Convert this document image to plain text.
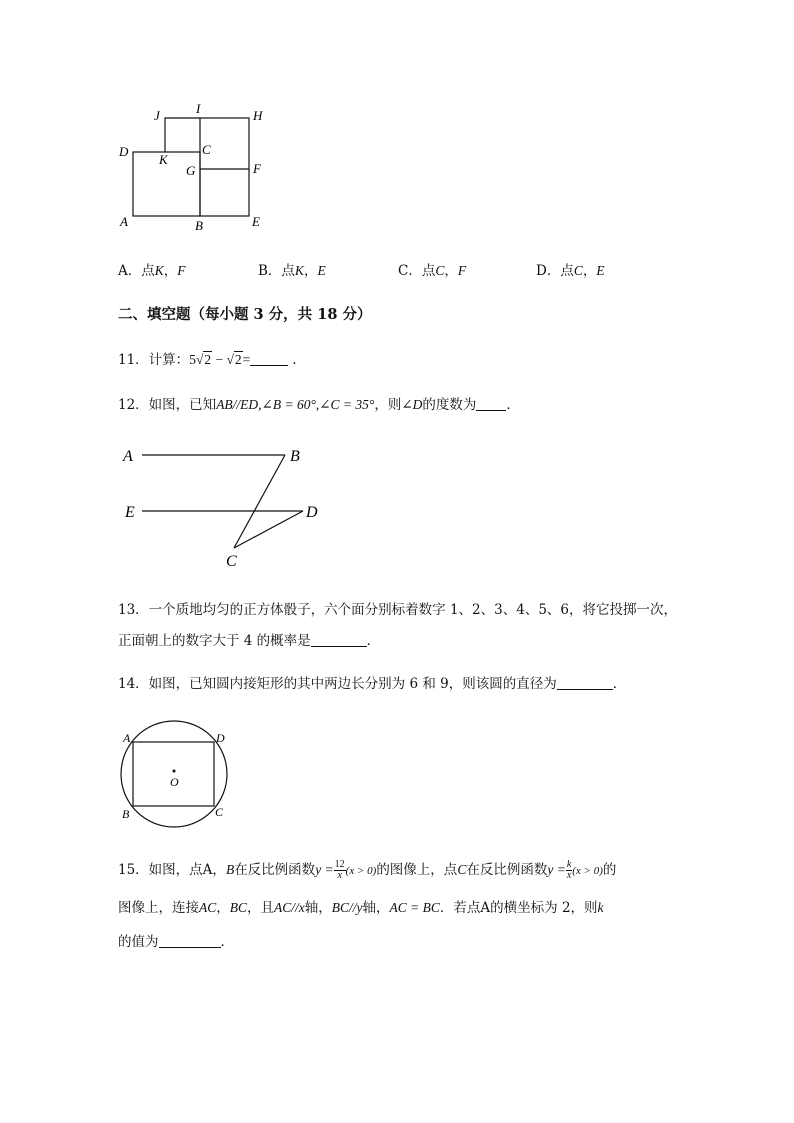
J	I	H
D
K
C
G	F
A	B	E
A．点K，F	B．点K，E	C．点C，F	D．点C，E
二、填空题（每小题 3 分，共 18 分）
11．计算：5√2 − √2=	.
12．如图，已知AB//ED,∠B = 60°,∠C = 35°，则∠D的度数为 ．
A	B
E	D
C
13．一个质地均匀的正方体骰子，六个面分别标着数字 1、2、3、4、5、6，将它投掷一次，
正面朝上的数字大于 4 的概率是	．
14．如图，已知圆内接矩形的其中两边长分别为 6 和 9，则该圆的直径为	．
A	D
O
B	C
15．如图，点A，B在反比例函数$y = \frac{12}{x} (x > 0)$的图像上，点C在反比例函数$y = \frac{k}{x} (x > 0)$的
图像上，连接AC，BC，且AC//x轴，BC//y轴，AC = BC．若点A的横坐标为 2，则k
的值为	．
